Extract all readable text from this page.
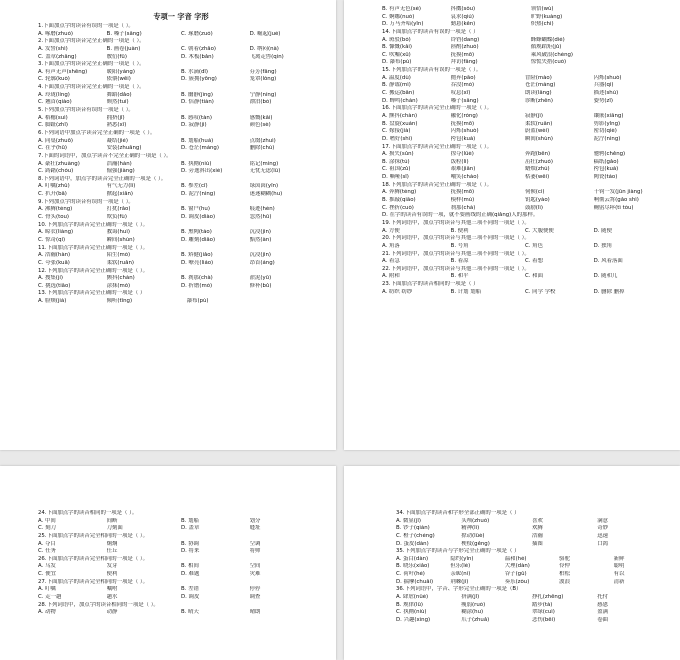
专项一 字音 字形
1.下面加点字的读音有误的一项是（ ）。
A. 啄磨(zhuó)	B. 嗓子(sǎng)	C. 琢磨(zuó)	D. 崛起(jué)
2.下面加点字的读音完全正确的一项是（ ）。
A. 发誓(shì)	B. 画卷(juàn)	C. 朝着(zhāo)	D. 纳闷(nà)
C. 盖章(zhāng)	敷衍(fū)	D. 木板(bǎn)	飞禽走兽(qín)
3.下面加点字的读音完全正确的一项是（ ）。
A. 有声无声(shēng)	暖阳(yáng)	B. 水滴(dī)	芬芳(fāng)
C. 轮廓(kuò)	依偎(wēi)	D. 簇拥(yōng)	笼罩(lǒng)
4.下面加点字的读音完全正确的一项是（ ）。
A. 玲珑(líng)	舞蹈(dǎo)	B. 幽静(jìng)	宁静(níng)
C. 翘首(qiào)	颓然(tuí)	D. 恬静(tián)	漂泊(bó)
5.下列加点字的读音有误的一项是（ ）。
A. 稻穗(suì)	拥挤(jǐ)	B. 感叹(tàn)	感慨(kǎi)
C. 脚趾(zhǐ)	熟悉(xī)	D. 寂静(jì)	颜色(sè)
6.下列词语中加点字读音完全正确的一项是（ ）。
A. 同桌(zhuō)	凝结(jié)	B. 划船(huá)	点缀(zhuì)
C. 在乎(hū)	安装(zhuāng)	D. 苍茫(máng)	删除(chú)
7.下面的词语中，加点字读音不完全正确的一项是（ ）。
A. 豪壮(zhuàng)	浩瀚(hàn)	B. 执拗(niù)	铭记(míng)
C. 踌躇(chóu)	倔强(jiàng)	D. 旁逸斜出(xié)	无忧无虑(lǜ)
8.下列词语中，加点字的读音完全正确的一项是（ ）。
A. 叮嘱(zhǔ)	有气无力(lì)	B. 参差(cī)	绿茵茵(yīn)
C. 扒开(bā)	掀起(xiān)	D. 泥泞(nìng)	迷迷糊糊(hu)
9.下列加点字的读音有误的一项是（ ）。
A. 沸腾(téng)	打扰(rǎo)	B. 窗户(hu)	痕迹(hén)
C. 骨头(tou)	欺负(fù)	D. 调皮(diào)	忽然(hū)
10.下列加点字的读音完全正确的一项是（ ）。
A. 晾衣(liàng)	教诲(huì)	B. 熏陶(táo)	沉浸(jìn)
C. 惊奇(qí)	瞬间(shùn)	D. 雕刻(diāo)	黯然(àn)
11.下面加点字的读音完全正确的一项是（ ）。
A. 浩瀚(hàn)	陌生(mò)	B. 矫健(jiǎo)	沉浸(jìn)
C. 夸张(kuā)	柔软(ruǎn)	D. 嘹亮(liáo)	昂首(áng)
12.下列加点字的读音完全正确的一项是（ ）。
A. 搜集(jí)	颤抖(chàn)	B. 刹那(chà)	淤泥(yū)
C. 挑选(tiāo)	涂抹(mǒ)	D. 折磨(mó)	修补(bǔ)
13.下列加点字的读音完全正确的一项是（ ）
A. 脸颊(jiá)	倾听(tīng)	瀑布(pù)
B. 有声无色(sè)	抖擞(sǒu)	领悟(wù)
C. 婀娜(nuó)	哀求(qiú)	旷野(kuàng)
D. 万马齐喑(yīn)	勤恳(kěn)	炽热(chì)
14.下面加点字的读音有误的一项是（ ）
A. 斑驳(bó)	铃铛(dang)	蜂蜂蝴蝶(dié)
B. 慷慨(kǎi)	斟酌(zhuó)	循规蹈矩(jǔ)
C. 吹嘘(xū)	抚摸(mō)	乘风破浪(chéng)
D. 瀑布(pù)	拜访(fǎng)	惊慌失措(cuò)
15.下列加点字的读音有误的一项是（ ）。
A. 温度(dù)	抛弃(pāo)	冒险(mào)	闪烁(shuò)
B. 静谧(mì)	吞没(mò)	苍茫(máng)	兵器(qì)
C. 搬运(bān)	叹息(xī)	朗读(lǎng)	描述(shù)
D. 蝉鸣(chán)	嗓子(sǎng)	诊断(zhěn)	姿势(zī)
16.下面加点字的读音完全正确的一项是（ ）。
A. 颤抖(chàn)	融化(róng)	寂静(jì)	镶嵌(xiāng)
B. 盘旋(xuán)	抚摸(mō)	柔软(ruǎn)	剪影(yǐng)
C. 嫁接(jià)	闪烁(shuò)	蔚蓝(wèi)	密切(qiè)
D. 嗜好(shì)	挎包(kuà)	瞬间(shùn)	泥泞(nìng)
17.下面加点字的读音完全正确的一项是（ ）。
A. 损失(sǔn)	掠夺(lüè)	奔跑(bēn)	驰骋(chěng)
B. 涂抹(tú)	饭粒(lì)	茁壮(zhuó)	稿纸(gǎo)
C. 祖国(zǔ)	艰难(jiān)	蜡烛(zhú)	挎包(kuà)
D. 嘶哑(sī)	嘲笑(cháo)	枯萎(wěi)	陶瓷(táo)
18.下列加点字的读音完全正确的一项是（ ）。
A. 奔腾(téng)	抚摸(mō)	伺候(cì)	千钧一发(jūn jiàng)
B. 推敲(qiāo)	模样(mú)	钥匙(yào)	响彻云霄(gǎo shì)
C. 挫折(cuò)	刹那(chà)	鼓励(lì)	鞠躬尽瘁(tì tòu)
D. 在字的读音有误的一项，就不要画线的正确(qiǎng)人的那样。
19.下列词语中，加点字的读音与其他三项不同的一项是（ ）。
A. 方便	B. 便利	C. 大腹便便	D. 随便
20.下列词语中，加点字的读音与其他三项不同的一项是（ ）。
A. 角落	B. 号角	C. 角色	D. 独角
21.下列词语中，加点字的读音与其他三项不同的一项是（ ）。
A. 着急	B. 着凉	C. 着想	D. 风着落面
22.下列词语中，加点字的读音与其他三项不同的一项是（ ）。
A. 附和	B. 和平	C. 和面	D. 随和儿
23.下面加点字的读音相同的一项是（ ）
A. 纺织 纺纱	B. 计划 划船	C. 同学 学校	D. 删除 删掉
24.下面加点字的读音相同的一项是（ ）。
A. 中间	间断	B. 划船	划分
C. 刻刀	刀刻面	D. 盖章	缝址
25.下面加点字的读音完全相同的一项是（ ）。
A. 夺目	炯炯	B. 协调	空调
C. 任务	任丘	D. 将来	将帅
26.下面加点字的读音完全相同的一项是（ ）。
A. 乌发	发芽	B. 相间	空间
C. 便宜	便利	D. 难题	灾难
27.下面加点字的读音完全相同的一项是（ ）。
A. 叮嘱	嘱咐	B. 差错	停停
C. 走一趟	趟水	D. 调皮	调查
28.下列词语中，加点字的读音相同的一项是（ ）。
A. 动物	动静	B. 晴天	晴朗
34.下面加点字的读音和字形全部正确的一项是（ ）
A. 微显(jǐ)	头颅(zhuó)	喜欢	满意
B. 钞子(qián)	精神(lì)	欢腾	奇妙
C. 橙子(chéng)	掠动(lüè)	浩瀚	迅速
D. 蛋皮(dàn)	梗枝(gěng)	插图	口渴
35.下列加点字的读音与字形完全正确的一项是（ ）
A. 蛋白(dàn)	隐约(yǐn)	温和(hé)	骆驼	新鲜
B. 晓乐(xiǎo)	但乐(lè)	大理(dàn)	伶仲	聪明
C. 荷叶(hé)	亲昵(nì)	谷子(gǔ)	柏松	有以
D. 揣摩(chuǎi)	荆棘(jí)	奏乐(zòu)	波浪	清新
36.下列词语中，字音、字形完全正确的一项是（B）
A. 肆虐(nüè)	挤满(jǐ)	挣扎(zhēng)	托付
B. 规律(lǜ)	瘦弱(ruò)	踏步(tà)	感恩
C. 执拗(niù)	糊涂(hu)	翠绿(cuì)	盈满
D. 兴趣(xìng)	爪子(zhuǎ)	悲伤(bēi)	卷曲
